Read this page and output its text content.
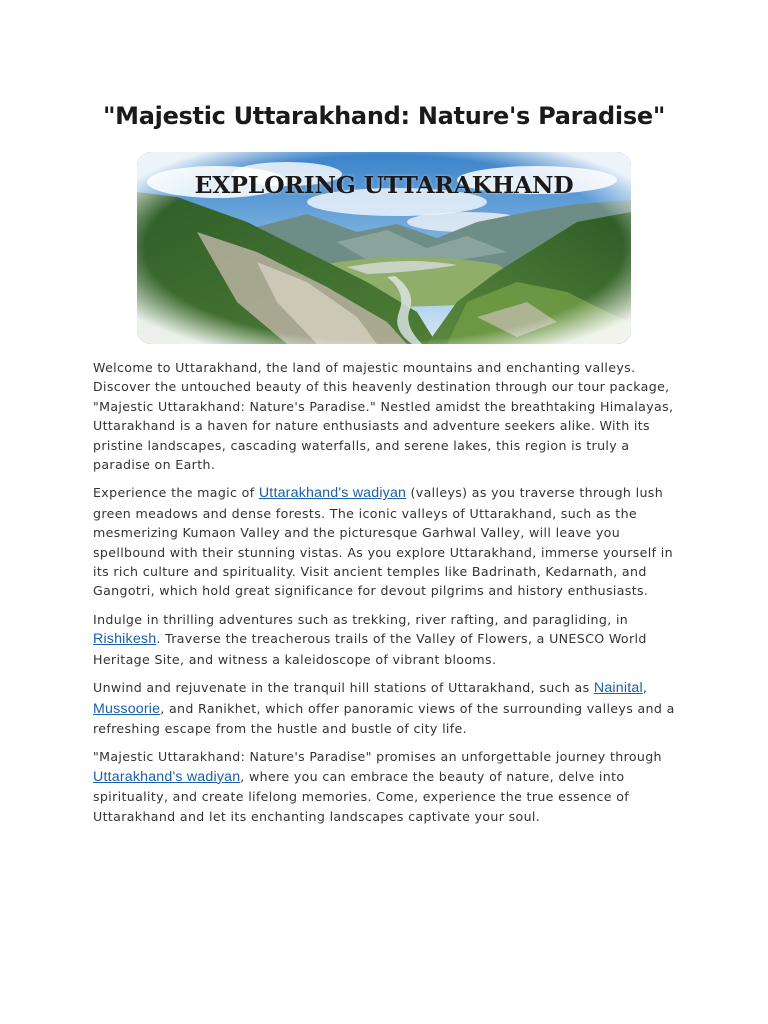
"Majestic Uttarakhand: Nature's Paradise"
EXPLORING UTTARAKHAND

Welcome to Uttarakhand, the land of majestic mountains and enchanting valleys. Discover the untouched beauty of this heavenly destination through our tour package, "Majestic Uttarakhand: Nature's Paradise." Nestled amidst the breathtaking Himalayas, Uttarakhand is a haven for nature enthusiasts and adventure seekers alike. With its pristine landscapes, cascading waterfalls, and serene lakes, this region is truly a paradise on Earth.

Experience the magic of Uttarakhand's wadiyan (valleys) as you traverse through lush green meadows and dense forests. The iconic valleys of Uttarakhand, such as the mesmerizing Kumaon Valley and the picturesque Garhwal Valley, will leave you spellbound with their stunning vistas. As you explore Uttarakhand, immerse yourself in its rich culture and spirituality. Visit ancient temples like Badrinath, Kedarnath, and Gangotri, which hold great significance for devout pilgrims and history enthusiasts.

Indulge in thrilling adventures such as trekking, river rafting, and paragliding, in Rishikesh. Traverse the treacherous trails of the Valley of Flowers, a UNESCO World Heritage Site, and witness a kaleidoscope of vibrant blooms.

Unwind and rejuvenate in the tranquil hill stations of Uttarakhand, such as Nainital, Mussoorie, and Ranikhet, which offer panoramic views of the surrounding valleys and a refreshing escape from the hustle and bustle of city life.

"Majestic Uttarakhand: Nature's Paradise" promises an unforgettable journey through Uttarakhand's wadiyan, where you can embrace the beauty of nature, delve into spirituality, and create lifelong memories. Come, experience the true essence of Uttarakhand and let its enchanting landscapes captivate your soul.
